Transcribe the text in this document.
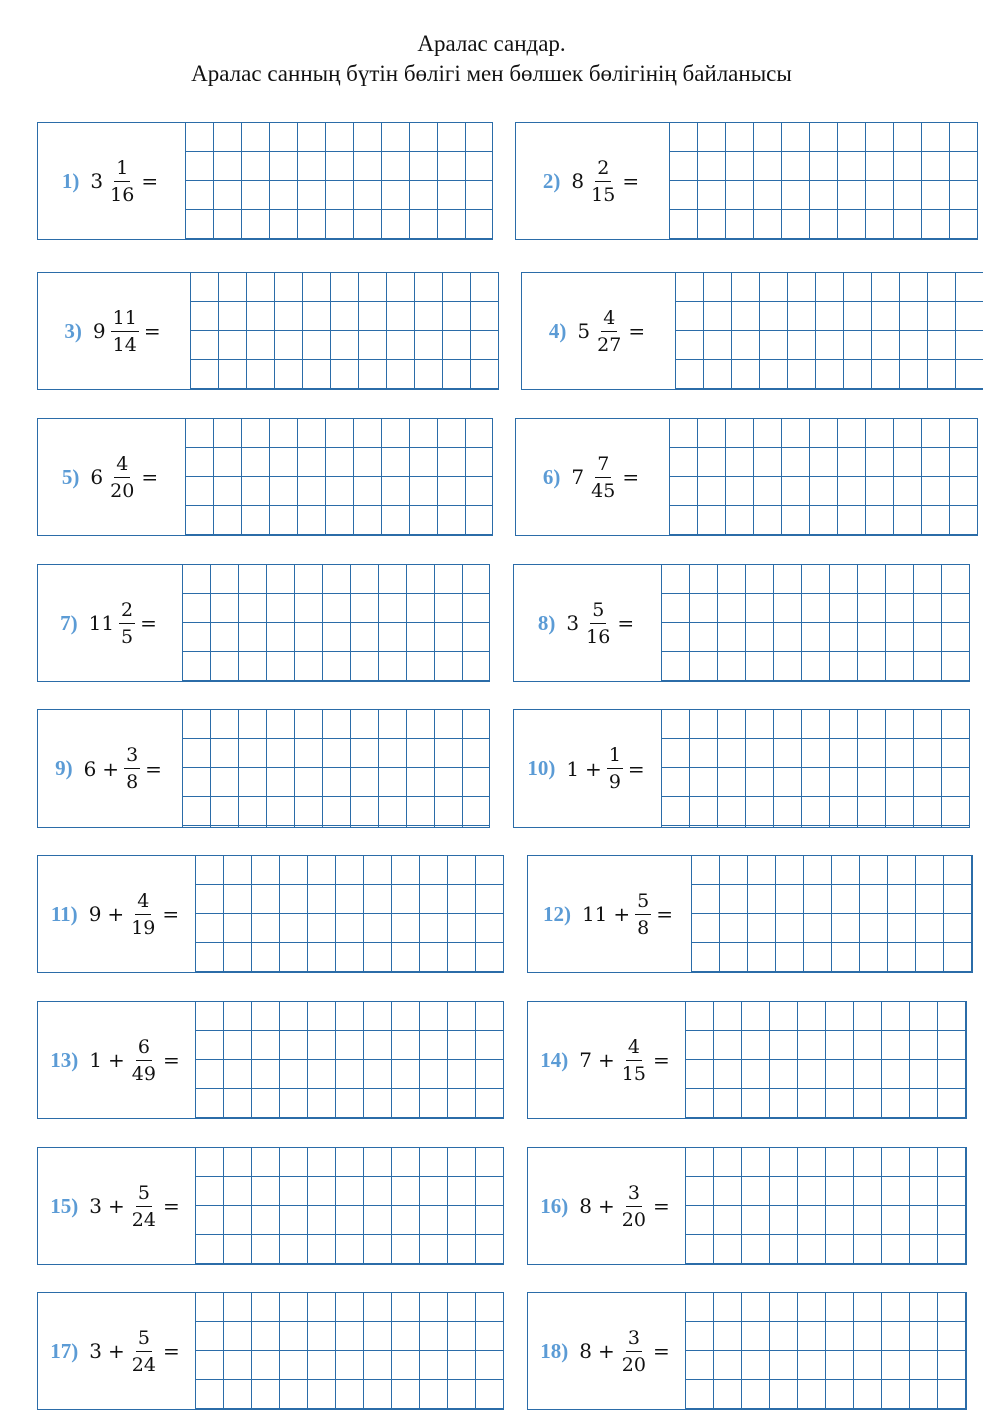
Аралас сандар.
Аралас санның бүтін бөлігі мен бөлшек бөлігінің байланысы
1) $3 \frac{1}{16}$ =	2) $8 \frac{2}{15}$ =
3) $9 \frac{11}{14}$ =	4) $5 \frac{4}{27}$ =
5) $6 \frac{4}{20}$ =	6) $7 \frac{7}{45}$ =
7) $11 \frac{2}{5}$ =	8) $3 \frac{5}{16}$ =
9) $6 + \frac{3}{8}$ =	10) $1 + \frac{1}{9}$ =
11) $9 + \frac{4}{19}$ =	12) $11 + \frac{5}{8}$ =
13) $1 + \frac{6}{49}$ =	14) $7 + \frac{4}{15}$ =
15) $3 + \frac{5}{24}$ =	16) $8 + \frac{3}{20}$ =
17) $3 + \frac{5}{24}$ =	18) $8 + \frac{3}{20}$ =
